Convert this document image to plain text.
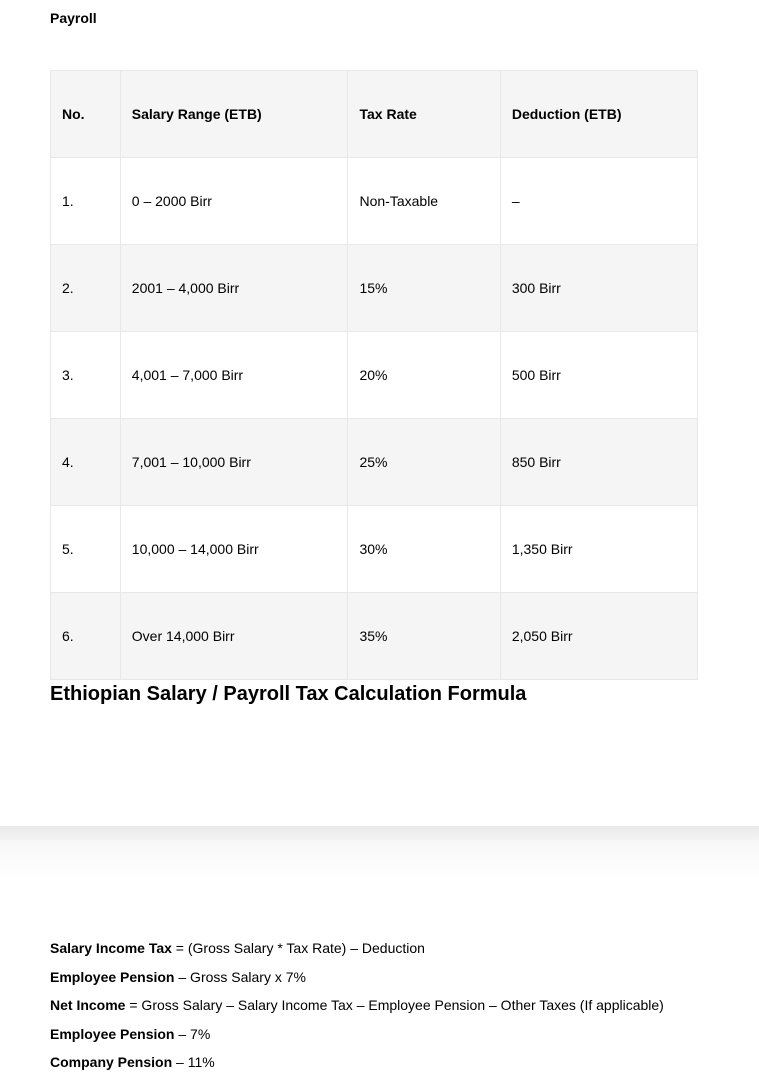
Payroll
No.	Salary Range (ETB)	Tax Rate	Deduction (ETB)
1.	0 – 2000 Birr	Non-Taxable	–
2.	2001 – 4,000 Birr	15%	300 Birr
3.	4,001 – 7,000 Birr	20%	500 Birr
4.	7,001 – 10,000 Birr	25%	850 Birr
5.	10,000 – 14,000 Birr	30%	1,350 Birr
6.	Over 14,000 Birr	35%	2,050 Birr
Ethiopian Salary / Payroll Tax Calculation Formula
Salary Income Tax = (Gross Salary * Tax Rate) – Deduction
Employee Pension – Gross Salary x 7%
Net Income = Gross Salary – Salary Income Tax – Employee Pension – Other Taxes (If applicable)
Employee Pension – 7%
Company Pension – 11%
